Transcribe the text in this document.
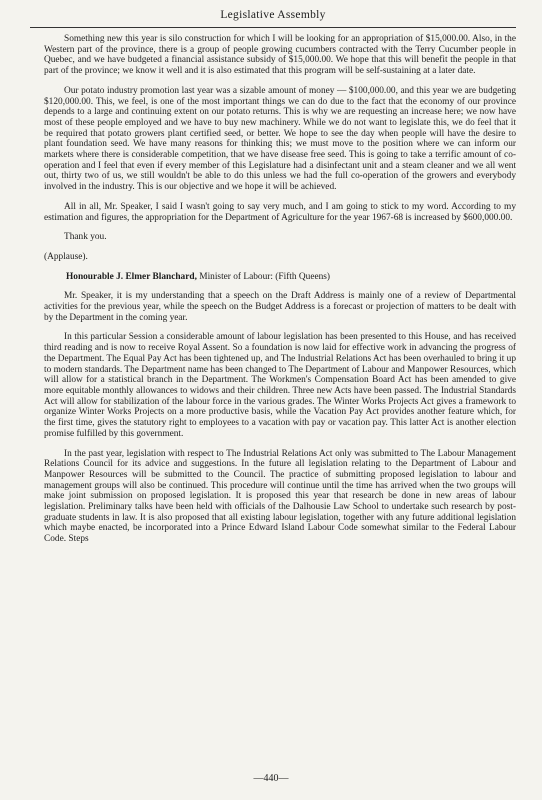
Legislative Assembly

Something new this year is silo construction for which I will be looking for an appropriation of $15,000.00. Also, in the Western part of the province, there is a group of people growing cucumbers contracted with the Terry Cucumber people in Quebec, and we have budgeted a financial assistance subsidy of $15,000.00. We hope that this will benefit the people in that part of the province; we know it well and it is also estimated that this program will be self-sustaining at a later date.

Our potato industry promotion last year was a sizable amount of money — $100,000.00, and this year we are budgeting $120,000.00. This, we feel, is one of the most important things we can do due to the fact that the economy of our province depends to a large and continuing extent on our potato returns. This is why we are requesting an increase here; we now have most of these people employed and we have to buy new machinery. While we do not want to legislate this, we do feel that it be required that potato growers plant certified seed, or better. We hope to see the day when people will have the desire to plant foundation seed. We have many reasons for thinking this; we must move to the position where we can inform our markets where there is considerable competition, that we have disease free seed. This is going to take a terrific amount of co-operation and I feel that even if every member of this Legislature had a disinfectant unit and a steam cleaner and we all went out, thirty two of us, we still wouldn't be able to do this unless we had the full co-operation of the growers and everybody involved in the industry. This is our objective and we hope it will be achieved.

All in all, Mr. Speaker, I said I wasn't going to say very much, and I am going to stick to my word. According to my estimation and figures, the appropriation for the Department of Agriculture for the year 1967-68 is increased by $600,000.00.

Thank you.

(Applause).

Honourable J. Elmer Blanchard, Minister of Labour: (Fifth Queens)

Mr. Speaker, it is my understanding that a speech on the Draft Address is mainly one of a review of Departmental activities for the previous year, while the speech on the Budget Address is a forecast or projection of matters to be dealt with by the Department in the coming year.

In this particular Session a considerable amount of labour legislation has been presented to this House, and has received third reading and is now to receive Royal Assent. So a foundation is now laid for effective work in advancing the progress of the Department. The Equal Pay Act has been tightened up, and The Industrial Relations Act has been overhauled to bring it up to modern standards. The Department name has been changed to The Department of Labour and Manpower Resources, which will allow for a statistical branch in the Department. The Workmen's Compensation Board Act has been amended to give more equitable monthly allowances to widows and their children. Three new Acts have been passed. The Industrial Standards Act will allow for stabilization of the labour force in the various grades. The Winter Works Projects Act gives a framework to organize Winter Works Projects on a more productive basis, while the Vacation Pay Act provides another feature which, for the first time, gives the statutory right to employees to a vacation with pay or vacation pay. This latter Act is another election promise fulfilled by this government.

In the past year, legislation with respect to The Industrial Relations Act only was submitted to The Labour Management Relations Council for its advice and suggestions. In the future all legislation relating to the Department of Labour and Manpower Resources will be submitted to the Council. The practice of submitting proposed legislation to labour and management groups will also be continued. This procedure will continue until the time has arrived when the two groups will make joint submission on proposed legislation. It is proposed this year that research be done in new areas of labour legislation. Preliminary talks have been held with officials of the Dalhousie Law School to undertake such research by post-graduate students in law. It is also proposed that all existing labour legislation, together with any future additional legislation which maybe enacted, be incorporated into a Prince Edward Island Labour Code somewhat similar to the Federal Labour Code. Steps

—440—
